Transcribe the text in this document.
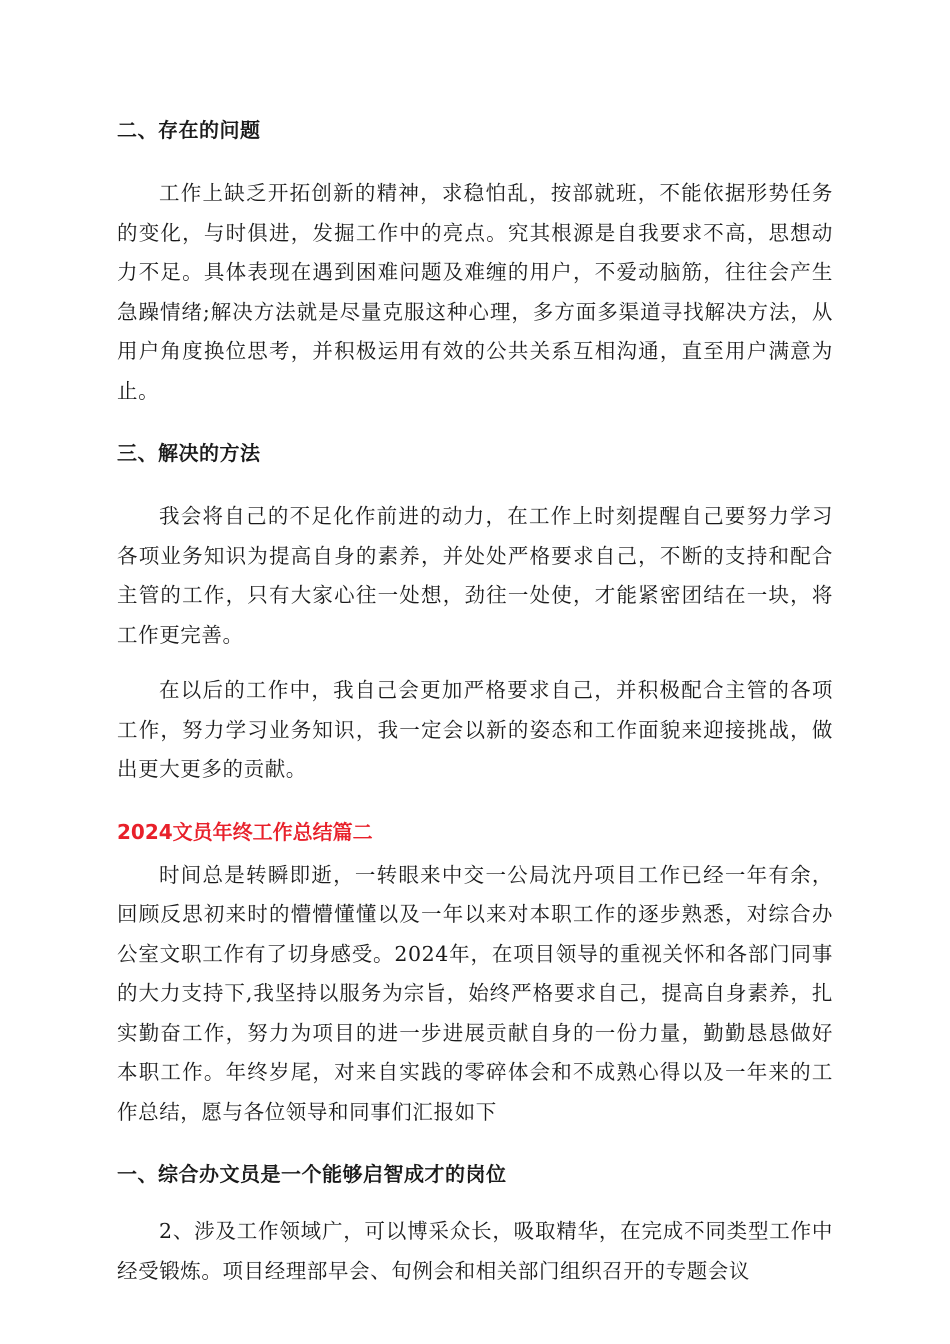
二、存在的问题

工作上缺乏开拓创新的精神，求稳怕乱，按部就班，不能依据形势任务的变化，与时俱进，发掘工作中的亮点。究其根源是自我要求不高，思想动力不足。具体表现在遇到困难问题及难缠的用户，不爱动脑筋，往往会产生急躁情绪;解决方法就是尽量克服这种心理，多方面多渠道寻找解决方法，从用户角度换位思考，并积极运用有效的公共关系互相沟通，直至用户满意为止。

三、解决的方法

我会将自己的不足化作前进的动力，在工作上时刻提醒自己要努力学习各项业务知识为提高自身的素养，并处处严格要求自己，不断的支持和配合主管的工作，只有大家心往一处想，劲往一处使，才能紧密团结在一块，将工作更完善。

在以后的工作中，我自己会更加严格要求自己，并积极配合主管的各项工作，努力学习业务知识，我一定会以新的姿态和工作面貌来迎接挑战，做出更大更多的贡献。

2024文员年终工作总结篇二

时间总是转瞬即逝，一转眼来中交一公局沈丹项目工作已经一年有余，回顾反思初来时的懵懵懂懂以及一年以来对本职工作的逐步熟悉，对综合办公室文职工作有了切身感受。2024年，在项目领导的重视关怀和各部门同事的大力支持下,我坚持以服务为宗旨，始终严格要求自己，提高自身素养，扎实勤奋工作，努力为项目的进一步进展贡献自身的一份力量，勤勤恳恳做好本职工作。年终岁尾，对来自实践的零碎体会和不成熟心得以及一年来的工作总结，愿与各位领导和同事们汇报如下

一、综合办文员是一个能够启智成才的岗位

2、涉及工作领域广，可以博采众长，吸取精华，在完成不同类型工作中经受锻炼。项目经理部早会、旬例会和相关部门组织召开的专题会议
